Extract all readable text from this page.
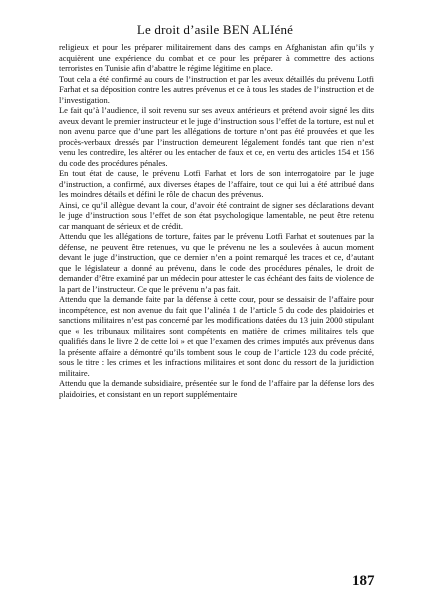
Le droit d’asile BEN ALIéné

religieux et pour les préparer militairement dans des camps en Afghanistan afin qu’ils y acquièrent une expérience du combat et ce pour les préparer à commettre des actions terroristes en Tunisie afin d’abattre le régime légitime en place.

Tout cela a été confirmé au cours de l’instruction et par les aveux détaillés du prévenu Lotfi Farhat et sa déposition contre les autres prévenus et ce à tous les stades de l’instruction et de l’investigation.

Le fait qu’à l’audience, il soit revenu sur ses aveux antérieurs et prétend avoir signé les dits aveux devant le premier instructeur et le juge d’instruction sous l’effet de la torture, est nul et non avenu parce que d’une part les allégations de torture n’ont pas été prouvées et que les procès-verbaux dressés par l’instruction demeurent légalement fondés tant que rien n’est venu les contredire, les altérer ou les entacher de faux et ce, en vertu des articles 154 et 156 du code des procédures pénales.

En tout état de cause, le prévenu Lotfi Farhat et lors de son interrogatoire par le juge d’instruction, a confirmé, aux diverses étapes de l’affaire, tout ce qui lui a été attribué dans les moindres détails et défini le rôle de chacun des prévenus.

Ainsi, ce qu’il allègue devant la cour, d’avoir été contraint de signer ses déclarations devant le juge d’instruction sous l’effet de son état psychologique lamentable, ne peut être retenu car manquant de sérieux et de crédit.

Attendu que les allégations de torture, faites par le prévenu Lotfi Farhat et soutenues par la défense, ne peuvent être retenues, vu que le prévenu ne les a soulevées à aucun moment devant le juge d’instruction, que ce dernier n’en a point remarqué les traces et ce, d’autant que le législateur a donné au prévenu, dans le code des procédures pénales, le droit de demander d’être examiné par un médecin pour attester le cas échéant des faits de violence de la part de l’instructeur. Ce que le prévenu n’a pas fait.

Attendu que la demande faite par la défense à cette cour, pour se dessaisir de l’affaire pour incompétence, est non avenue du fait que l’alinéa 1 de l’article 5 du code des plaidoiries et sanctions militaires n’est pas concerné par les modifications datées du 13 juin 2000 stipulant que « les tribunaux militaires sont compétents en matière de crimes militaires tels que qualifiés dans le livre 2 de cette loi » et que l’examen des crimes imputés aux prévenus dans la présente affaire a démontré qu’ils tombent sous le coup de l’article 123 du code précité, sous le titre : les crimes et les infractions militaires et sont donc du ressort de la juridiction militaire.

Attendu que la demande subsidiaire, présentée sur le fond de l’affaire par la défense lors des plaidoiries, et consistant en un report supplémentaire

187
